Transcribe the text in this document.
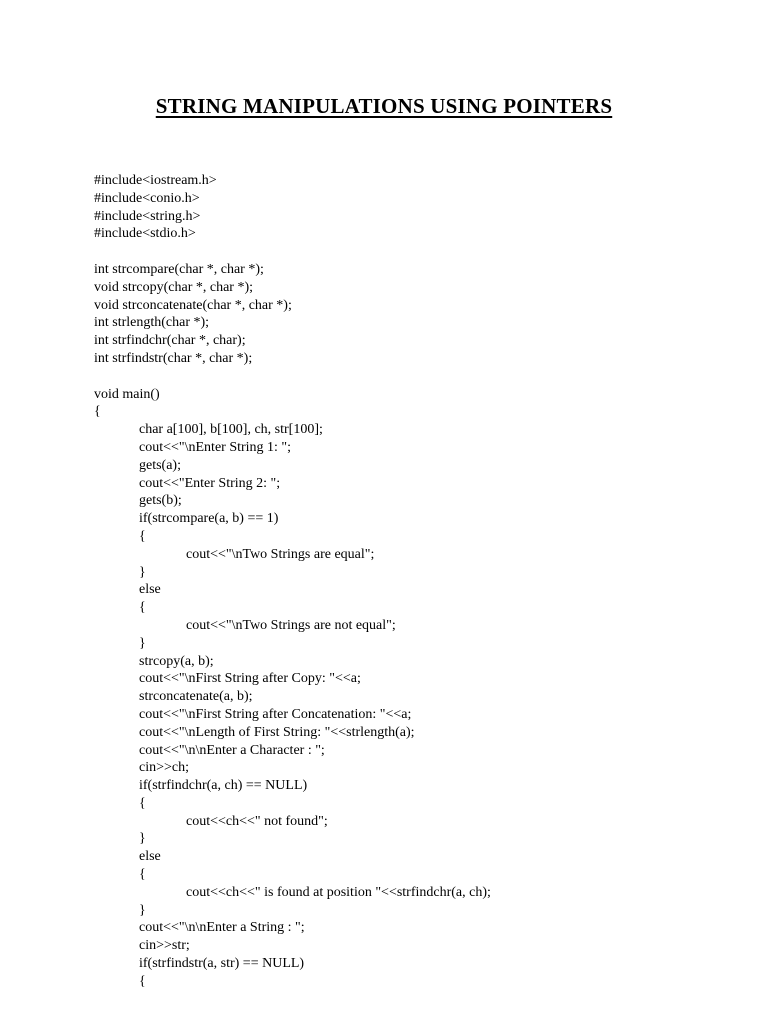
STRING MANIPULATIONS USING POINTERS
#include<iostream.h>
#include<conio.h>
#include<string.h>
#include<stdio.h>
int strcompare(char *, char *);
void strcopy(char *, char *);
void strconcatenate(char *, char *);
int strlength(char *);
int strfindchr(char *, char);
int strfindstr(char *, char *);
void main()
{
char a[100], b[100], ch, str[100];
cout<<"\nEnter String 1: ";
gets(a);
cout<<"Enter String 2: ";
gets(b);
if(strcompare(a, b) == 1)
{
cout<<"\nTwo Strings are equal";
}
else
{
cout<<"\nTwo Strings are not equal";
}
strcopy(a, b);
cout<<"\nFirst String after Copy: "<<a;
strconcatenate(a, b);
cout<<"\nFirst String after Concatenation: "<<a;
cout<<"\nLength of First String: "<<strlength(a);
cout<<"\n\nEnter a Character : ";
cin>>ch;
if(strfindchr(a, ch) == NULL)
{
cout<<ch<<" not found";
}
else
{
cout<<ch<<" is found at position "<<strfindchr(a, ch);
}
cout<<"\n\nEnter a String : ";
cin>>str;
if(strfindstr(a, str) == NULL)
{
